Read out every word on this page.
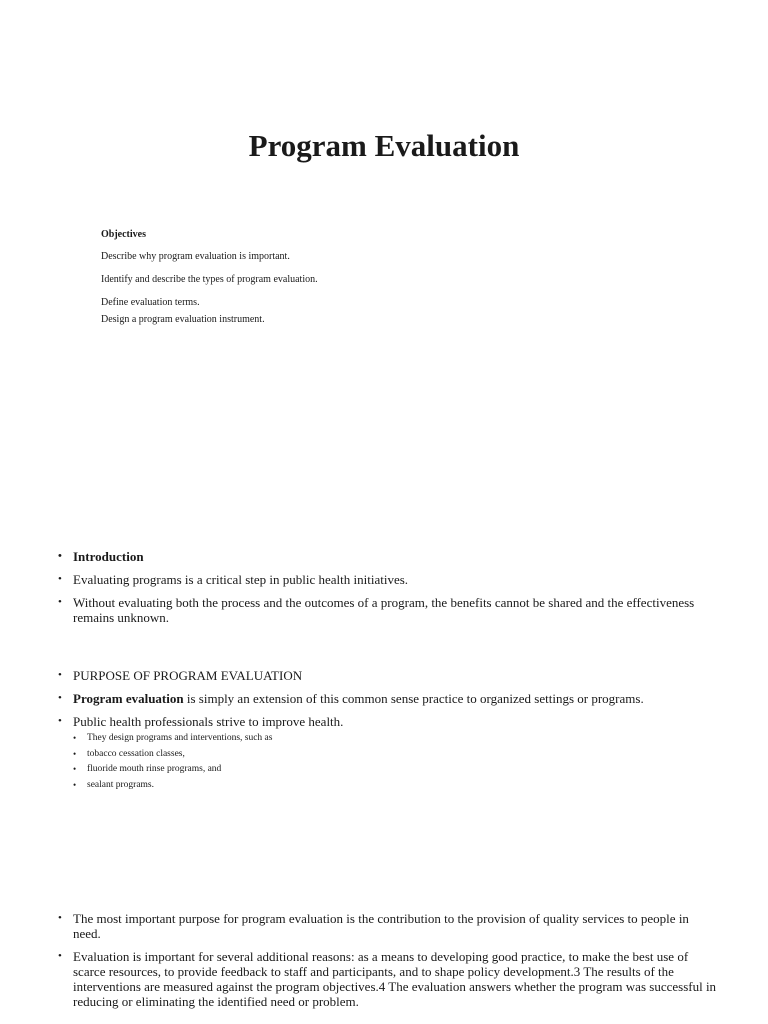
Program Evaluation
Objectives

Describe why program evaluation is important.

Identify and describe the types of program evaluation.

Define evaluation terms.

Design a program evaluation instrument.

• Introduction

• Evaluating programs is a critical step in public health initiatives.

• Without evaluating both the process and the outcomes of a program, the benefits cannot be shared and the effectiveness remains unknown.

• PURPOSE OF PROGRAM EVALUATION

• Program evaluation is simply an extension of this common sense practice to organized settings or programs.

• Public health professionals strive to improve health.

• They design programs and interventions, such as

• tobacco cessation classes,

• fluoride mouth rinse programs, and

• sealant programs.

• The most important purpose for program evaluation is the contribution to the provision of quality services to people in need.

• Evaluation is important for several additional reasons: as a means to developing good practice, to make the best use of scarce resources, to provide feedback to staff and participants, and to shape policy development.3 The results of the interventions are measured against the program objectives.4 The evaluation answers whether the program was successful in reducing or eliminating the identified need or problem.
